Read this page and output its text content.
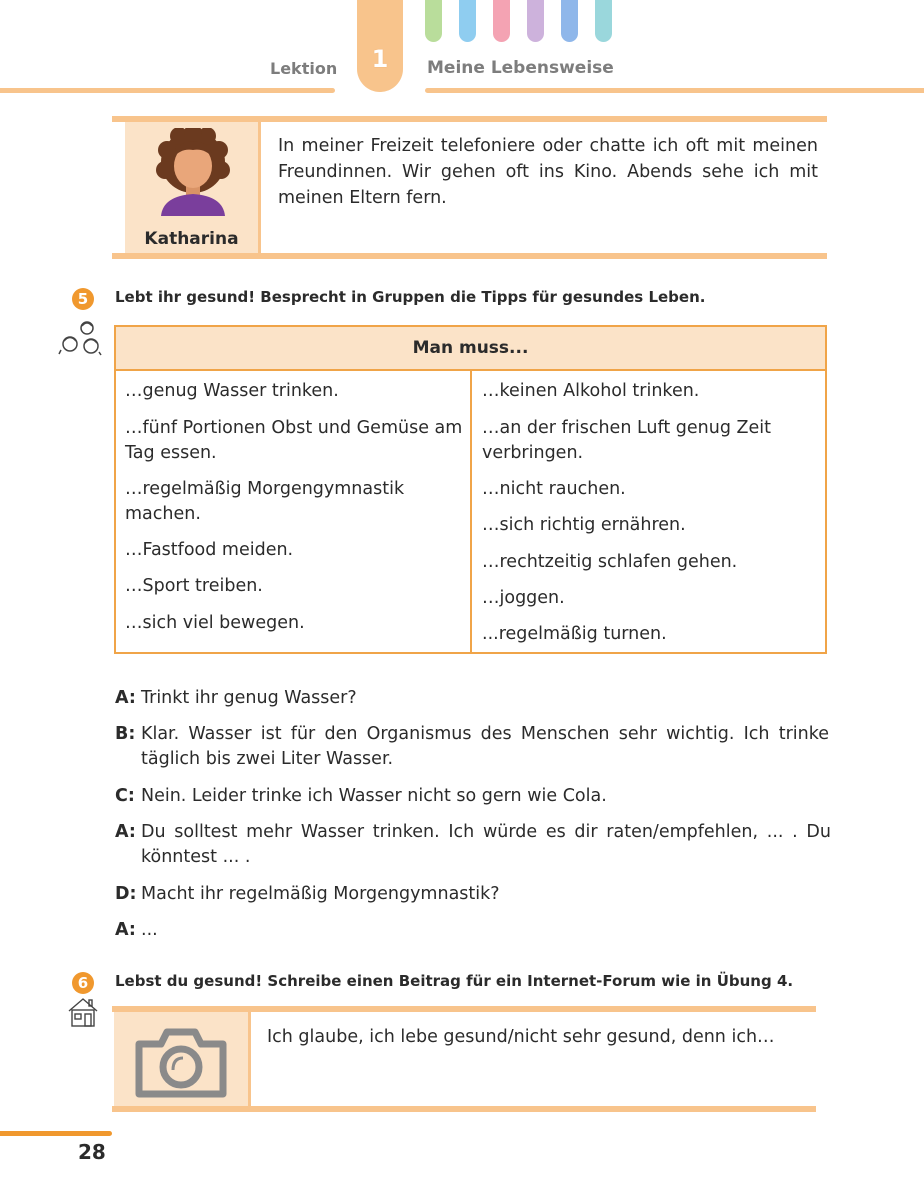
Lektion	1	Meine Lebensweise
Katharina
In meiner Freizeit telefoniere oder chatte ich oft mit meinen Freundinnen. Wir gehen oft ins Kino. Abends sehe ich mit meinen Eltern fern.
5	Lebt ihr gesund! Besprecht in Gruppen die Tipps für gesundes Leben.
Man muss...
…genug Wasser trinken.
…fünf Portionen Obst und Gemüse am Tag essen.
…regelmäßig Morgengymnastik machen.
…Fastfood meiden.
…Sport treiben.
…sich viel bewegen.
…keinen Alkohol trinken.
…an der frischen Luft genug Zeit verbringen.
…nicht rauchen.
…sich richtig ernähren.
…rechtzeitig schlafen gehen.
…joggen.
...regelmäßig turnen.
A: Trinkt ihr genug Wasser?
B: Klar. Wasser ist für den Organismus des Menschen sehr wichtig. Ich trinke täglich bis zwei Liter Wasser.
C: Nein. Leider trinke ich Wasser nicht so gern wie Cola.
A: Du solltest mehr Wasser trinken. Ich würde es dir raten/empfehlen, ... . Du könntest ... .
D: Macht ihr regelmäßig Morgengymnastik?
A: ...
6	Lebst du gesund! Schreibe einen Beitrag für ein Internet-Forum wie in Übung 4.
Ich glaube, ich lebe gesund/nicht sehr gesund, denn ich…
28
